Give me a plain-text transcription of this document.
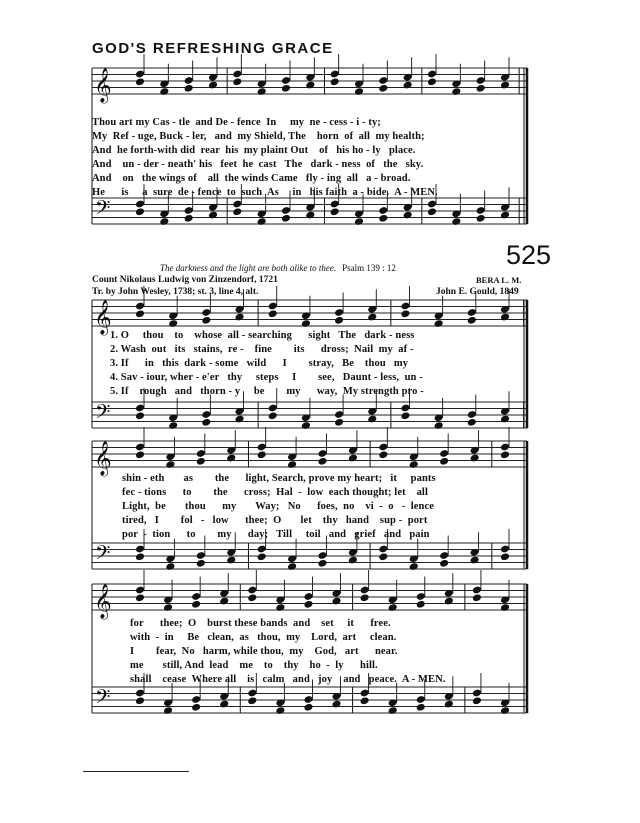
GOD'S REFRESHING GRACE
𝄞
𝄢
𝄞
𝄢
𝄞
𝄢
𝄞
𝄢
Thou art my Cas - tle  and De - fence  In     my  ne - cess - i - ty;
My  Ref - uge, Buck - ler,   and  my Shield, The    horn  of  all  my health;
And  he forth-with did  rear  his  my plaint Out    of   his ho - ly   place.
And    un - der - neath' his   feet  he  cast   The   dark - ness  of   the   sky.
And    on   the wings of    all  the winds Came   fly - ing  all   a - broad.
He      is     a  sure  de - fence  to  such  As     in   his faith  a - bide.  A - MEN.
525
The darkness and the light are both alike to thee. Psalm 139 : 12
Count Nikolaus Ludwig von Zinzendorf, 1721
Tr. by John Wesley, 1738; st. 3, line 4, alt.
BERA L. M.
John E. Gould, 1849
1. O     thou    to    whose  all - searching      sight   The   dark - ness
2. Wash  out   its   stains,  re -    fine        its      dross;  Nail  my  af -
3. If      in   this  dark - some   wild      I        stray,   Be    thou   my
4. Sav - iour, wher - e'er   thy     steps     I        see,   Daunt - less,  un -
5. If    rough   and   thorn - y     be        my      way,  My strength pro -
shin - eth       as        the      light, Search, prove my heart;   it     pants
fec - tions      to        the      cross;  Hal  -  low  each thought; let    all
Light,  be       thou      my       Way;   No      foes,  no    vi  -  o   -  lence
tired,   I        fol   -   low      thee;  O       let    thy   hand    sup -  port
por  -  tion      to        my      day;   Till     toil   and   grief   and   pain
for      thee;  O    burst these bands  and    set     it      free.
with  -  in     Be   clean,  as   thou,  my    Lord,  art     clean.
I        fear,  No   harm, while thou,  my    God,   art      near.
me       still, And  lead    me    to    thy    ho  -  ly      hill.
shall    cease  Where all    is   calm   and   joy    and   peace.  A - MEN.
